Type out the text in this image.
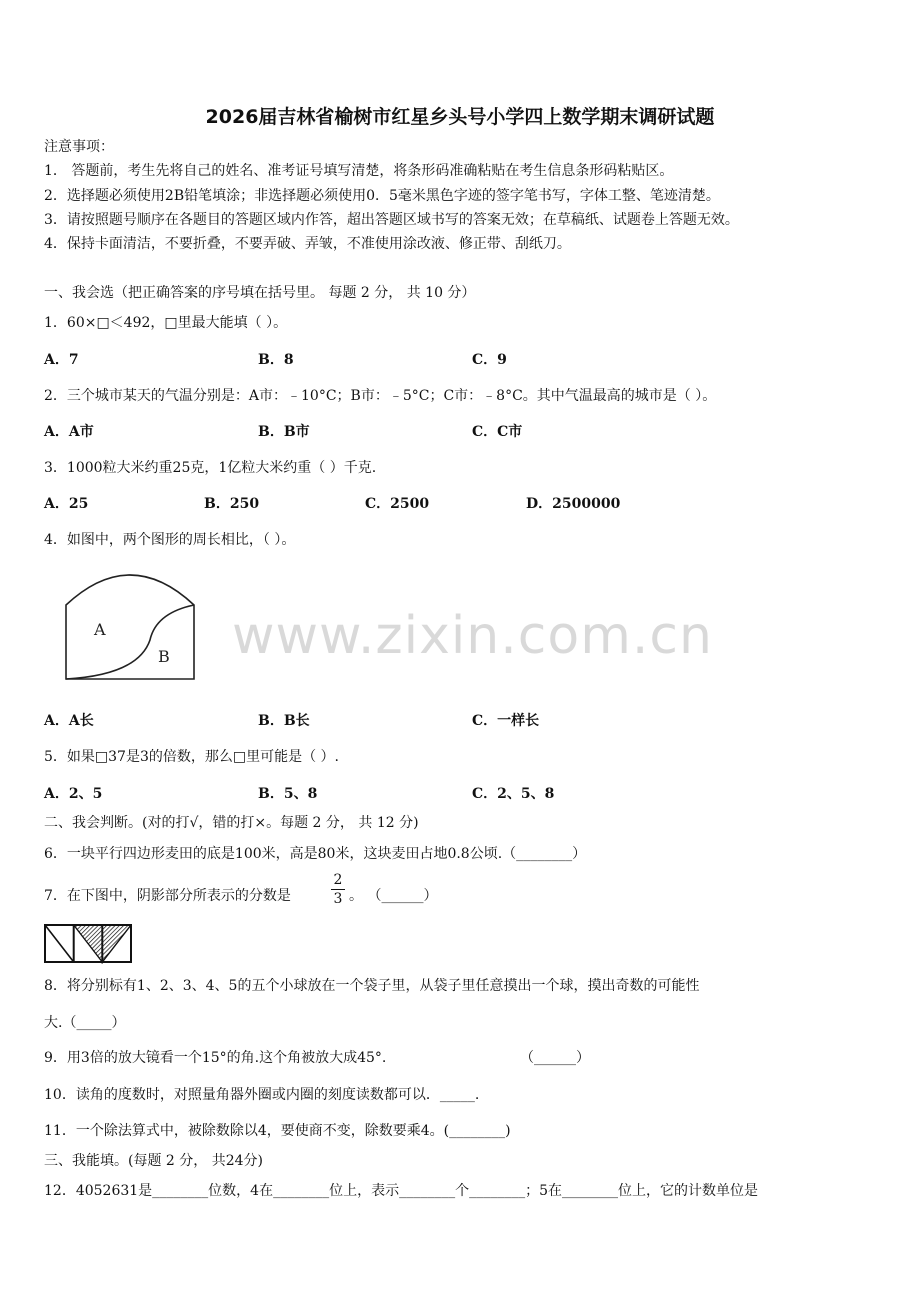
2026届吉林省榆树市红星乡头号小学四上数学期末调研试题
注意事项：
1． 答题前，考生先将自己的姓名、准考证号填写清楚，将条形码准确粘贴在考生信息条形码粘贴区。
2．选择题必须使用2B铅笔填涂；非选择题必须使用0．5毫米黑色字迹的签字笔书写，字体工整、笔迹清楚。
3．请按照题号顺序在各题目的答题区域内作答，超出答题区域书写的答案无效；在草稿纸、试题卷上答题无效。
4．保持卡面清洁，不要折叠，不要弄破、弄皱，不准使用涂改液、修正带、刮纸刀。
一、我会选（把正确答案的序号填在括号里。 每题 2 分， 共 10 分）
1．60×□＜492，□里最大能填（ ）。
A．7	B．8	C．9
2．三个城市某天的气温分别是：A市：﹣10°C；B市：﹣5°C；C市：﹣8°C。其中气温最高的城市是（ ）。
A．A市	B．B市	C．C市
3．1000粒大米约重25克，1亿粒大米约重（ ）千克.
A．25	B．250	C．2500	D．2500000
4．如图中，两个图形的周长相比，（ ）。
A
B www.zixin.com.cn
A．A长	B．B长	C．一样长
5．如果□37是3的倍数，那么□里可能是（ ）.
A．2、5	B．5、8	C．2、5、8
二、我会判断。(对的打√，错的打×。每题 2 分， 共 12 分)
6．一块平行四边形麦田的底是100米，高是80米，这块麦田占地0.8公顷.（________）
7．在下图中，阴影部分所表示的分数是
2
3 。 （______）
8．将分别标有1、2、3、4、5的五个小球放在一个袋子里，从袋子里任意摸出一个球，摸出奇数的可能性
大.（_____）
9．用3倍的放大镜看一个15°的角.这个角被放大成45°.	（______）
10．读角的度数时，对照量角器外圈或内圈的刻度读数都可以．_____.
11．一个除法算式中，被除数除以4，要使商不变，除数要乘4。(________)
三、我能填。(每题 2 分， 共24分)
12．4052631是________位数，4在________位上，表示________个________；5在________位上，它的计数单位是
